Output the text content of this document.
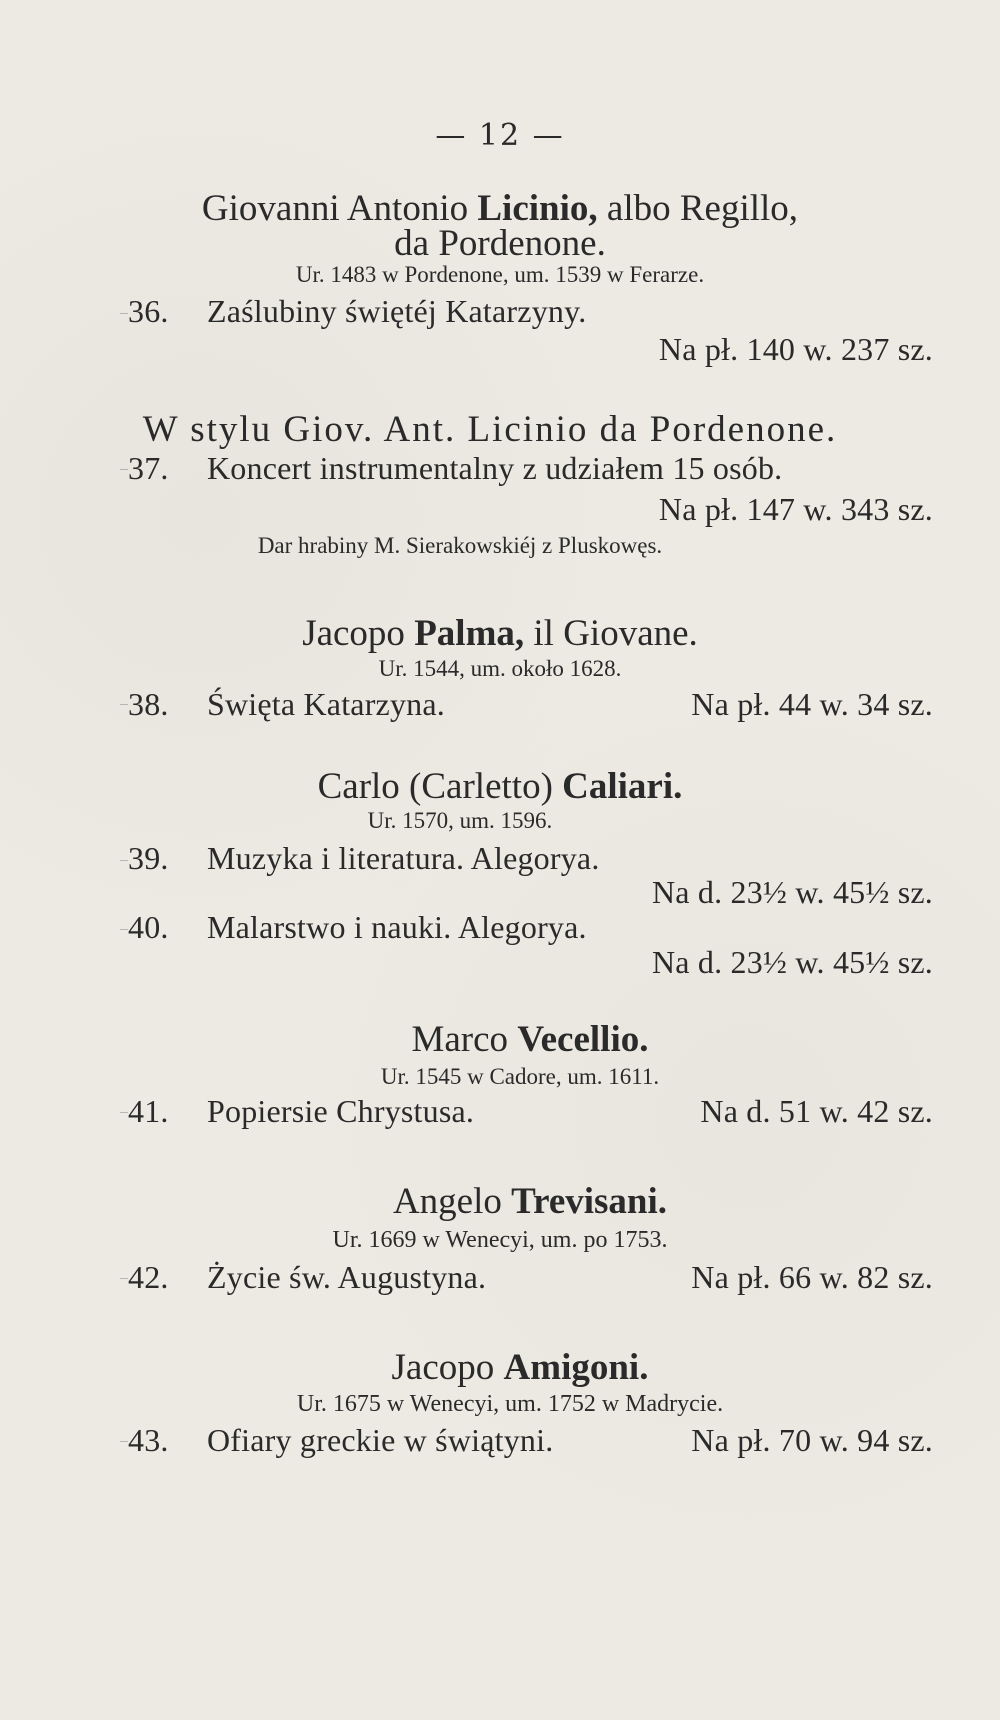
— 12 —
Giovanni Antonio Licinio, albo Regillo,
da Pordenone.
Ur. 1483 w Pordenone, um. 1539 w Ferarze.
36. Zaślubiny świętéj Katarzyny.
Na pł. 140 w. 237 sz.
W stylu Giov. Ant. Licinio da Pordenone.
37. Koncert instrumentalny z udziałem 15 osób.
Na pł. 147 w. 343 sz.
Dar hrabiny M. Sierakowskiéj z Pluskowęs.
Jacopo Palma, il Giovane.
Ur. 1544, um. około 1628.
38. Święta Katarzyna.	Na pł. 44 w. 34 sz.
Carlo (Carletto) Caliari.
Ur. 1570, um. 1596.
39. Muzyka i literatura. Alegorya.
Na d. 23½ w. 45½ sz.
40. Malarstwo i nauki. Alegorya.
Na d. 23½ w. 45½ sz.
Marco Vecellio.
Ur. 1545 w Cadore, um. 1611.
41. Popiersie Chrystusa.	Na d. 51 w. 42 sz.
Angelo Trevisani.
Ur. 1669 w Wenecyi, um. po 1753.
42. Życie św. Augustyna.	Na pł. 66 w. 82 sz.
Jacopo Amigoni.
Ur. 1675 w Wenecyi, um. 1752 w Madrycie.
43. Ofiary greckie w świątyni.	Na pł. 70 w. 94 sz.
